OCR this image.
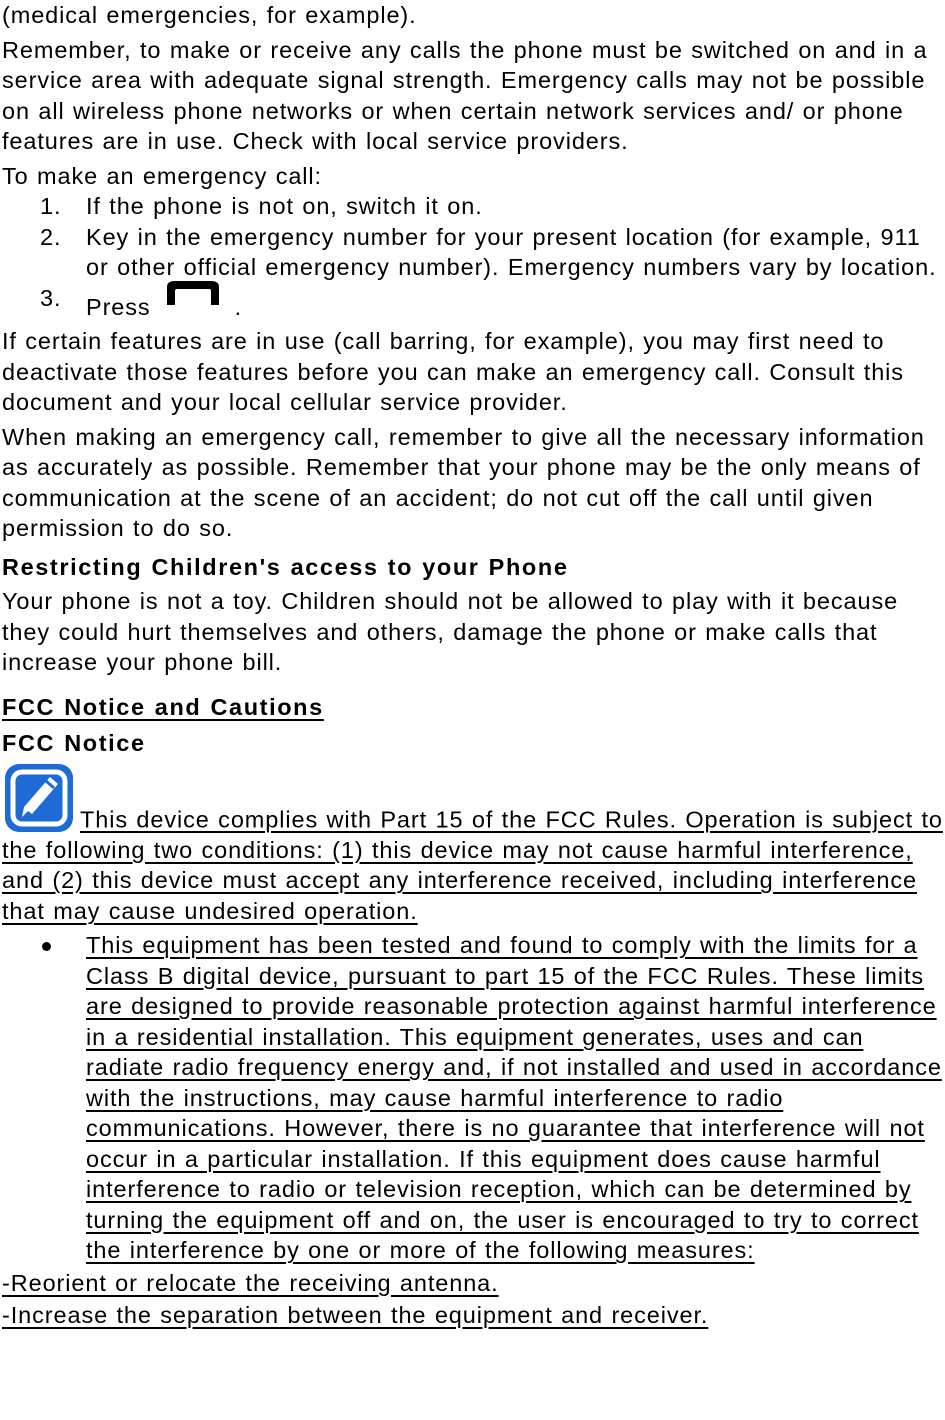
(medical emergencies, for example).

Remember, to make or receive any calls the phone must be switched on and in a service area with adequate signal strength. Emergency calls may not be possible on all wireless phone networks or when certain network services and/ or phone features are in use. Check with local service providers.

To make an emergency call:

1. If the phone is not on, switch it on.
2. Key in the emergency number for your present location (for example, 911 or other official emergency number). Emergency numbers vary by location.
3. Press	.

If certain features are in use (call barring, for example), you may first need to deactivate those features before you can make an emergency call. Consult this document and your local cellular service provider.

When making an emergency call, remember to give all the necessary information as accurately as possible. Remember that your phone may be the only means of communication at the scene of an accident; do not cut off the call until given permission to do so.

Restricting Children's access to your Phone

Your phone is not a toy. Children should not be allowed to play with it because they could hurt themselves and others, damage the phone or make calls that increase your phone bill.

FCC Notice and Cautions

FCC Notice

This device complies with Part 15 of the FCC Rules. Operation is subject to the following two conditions: (1) this device may not cause harmful interference, and (2) this device must accept any interference received, including interference that may cause undesired operation.

This equipment has been tested and found to comply with the limits for a Class B digital device, pursuant to part 15 of the FCC Rules. These limits are designed to provide reasonable protection against harmful interference in a residential installation. This equipment generates, uses and can radiate radio frequency energy and, if not installed and used in accordance with the instructions, may cause harmful interference to radio communications. However, there is no guarantee that interference will not occur in a particular installation. If this equipment does cause harmful interference to radio or television reception, which can be determined by turning the equipment off and on, the user is encouraged to try to correct the interference by one or more of the following measures:

-Reorient or relocate the receiving antenna.

-Increase the separation between the equipment and receiver.
